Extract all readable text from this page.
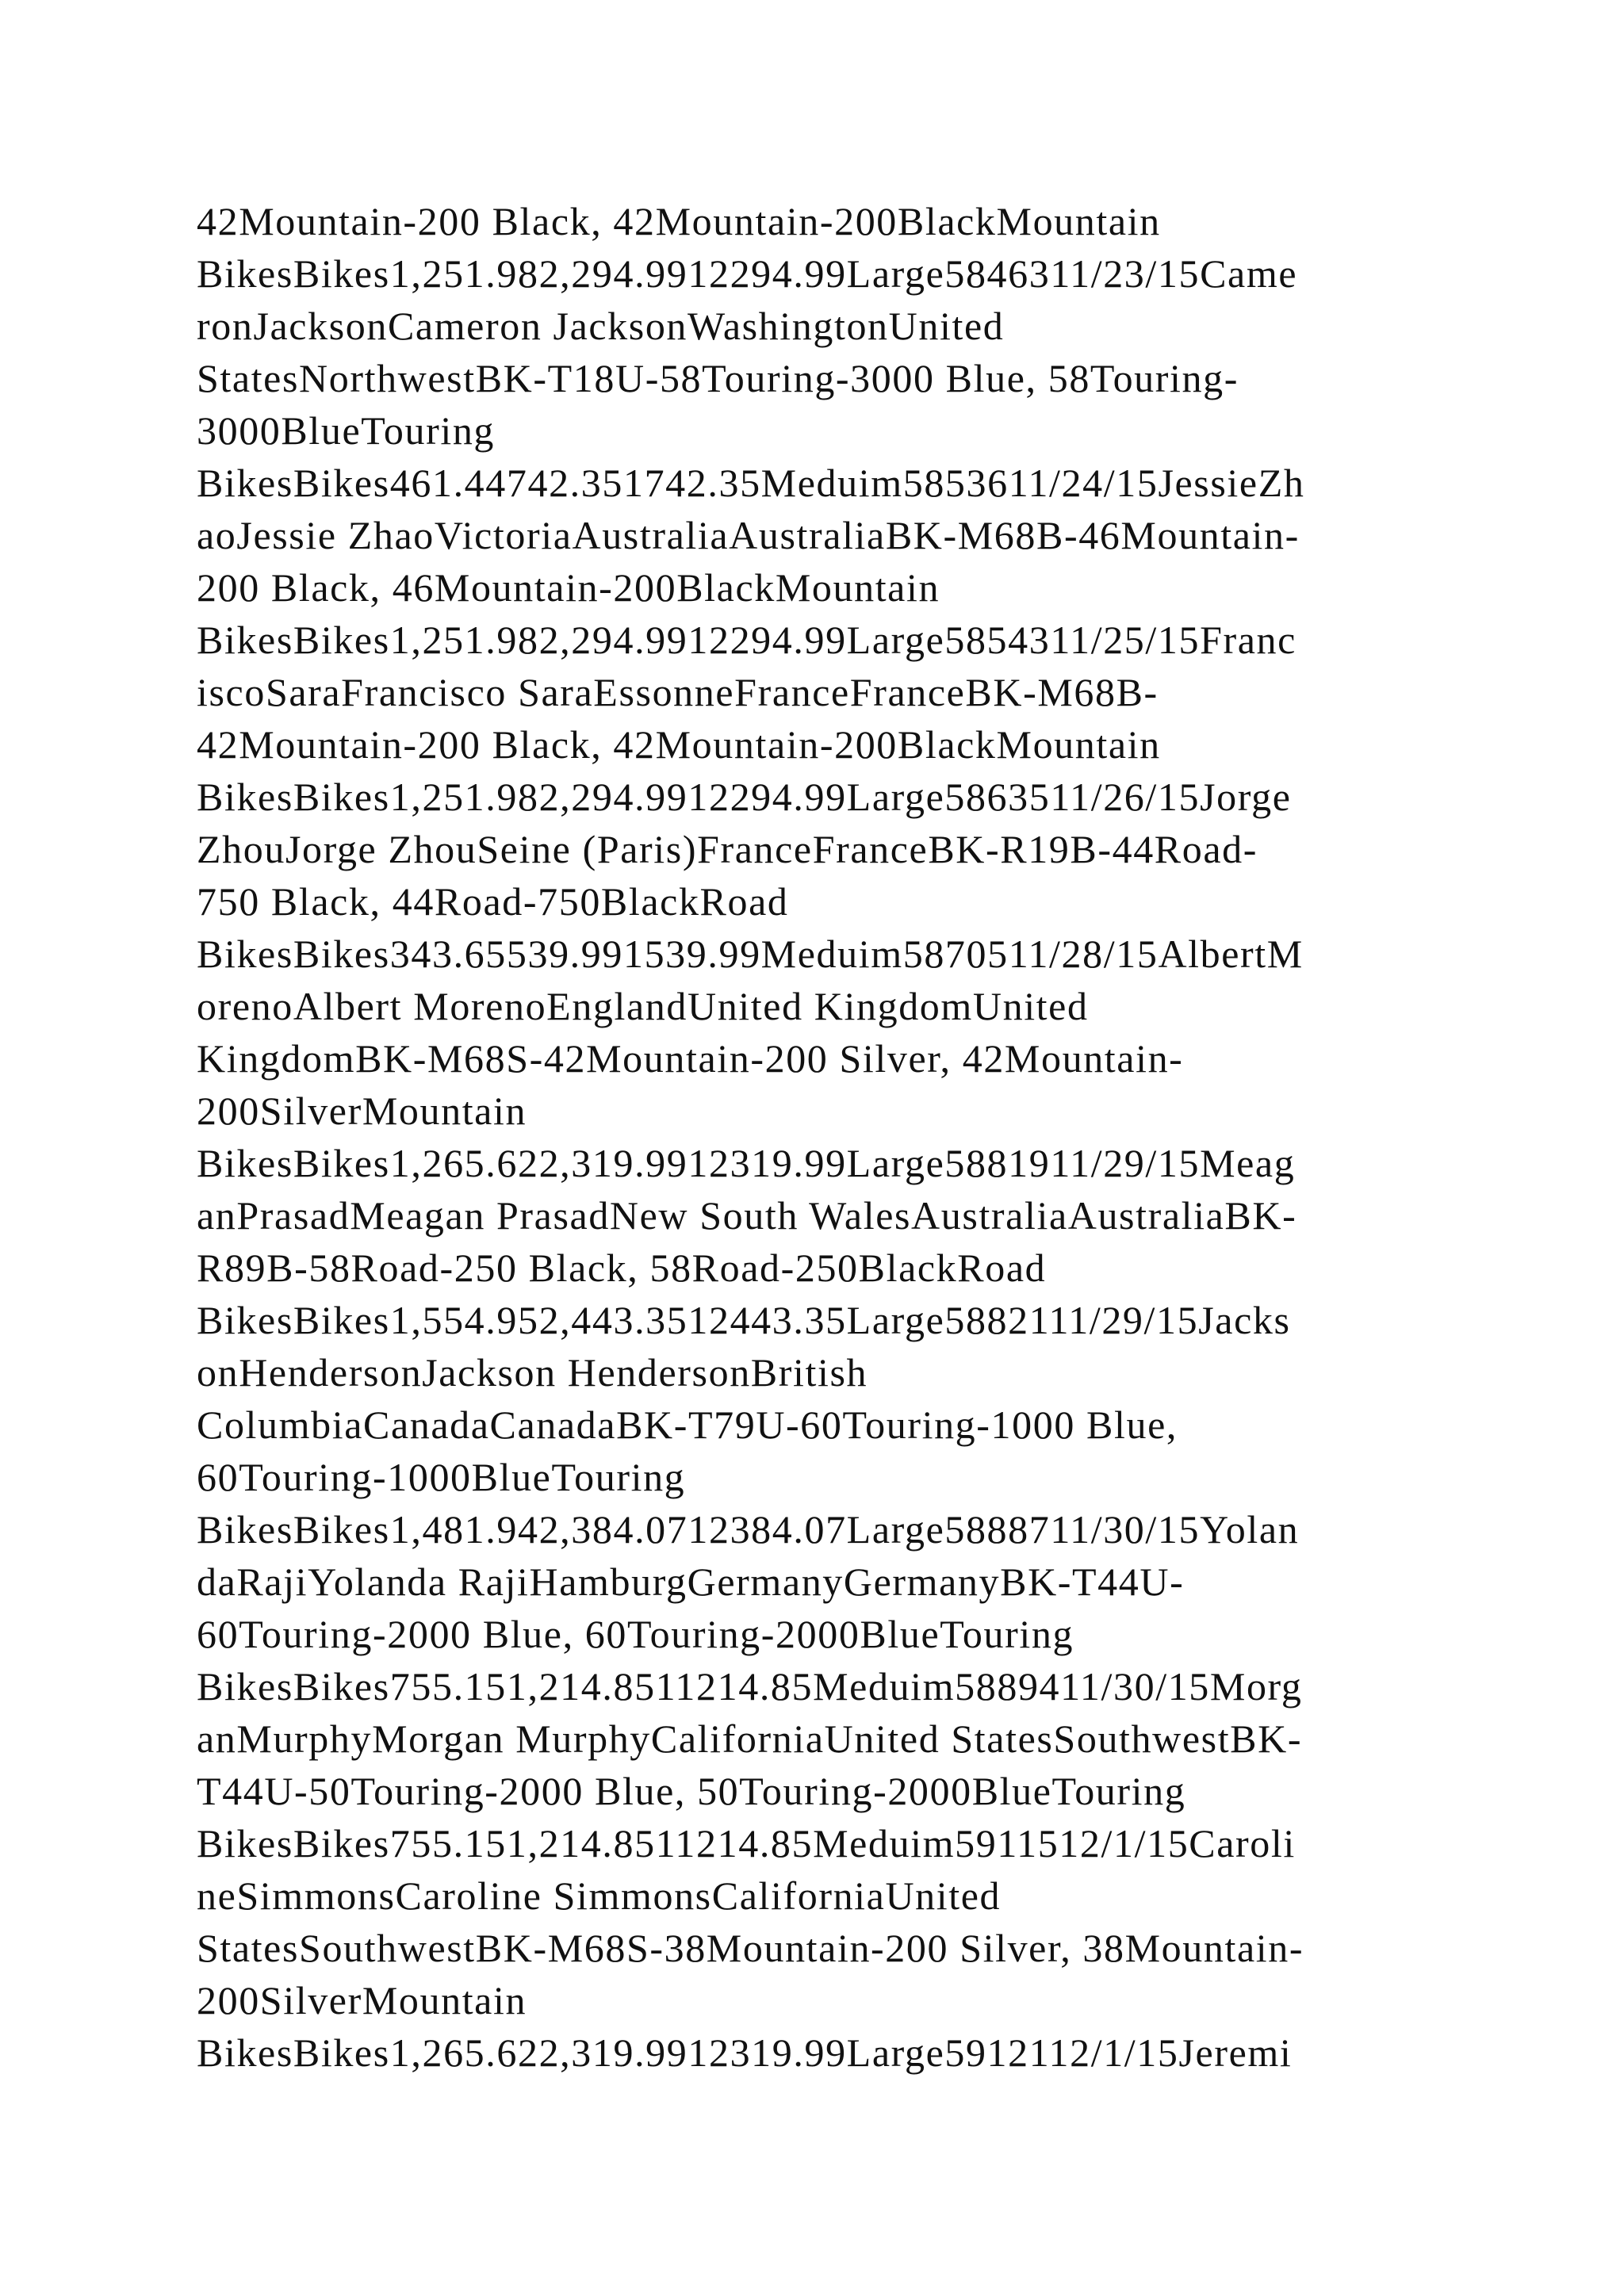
42Mountain-200 Black, 42Mountain-200BlackMountain
BikesBikes1,251.982,294.9912294.99Large5846311/23/15Came
ronJacksonCameron JacksonWashingtonUnited
StatesNorthwestBK-T18U-58Touring-3000 Blue, 58Touring-
3000BlueTouring
BikesBikes461.44742.351742.35Meduim5853611/24/15JessieZh
aoJessie ZhaoVictoriaAustraliaAustraliaBK-M68B-46Mountain-
200 Black, 46Mountain-200BlackMountain
BikesBikes1,251.982,294.9912294.99Large5854311/25/15Franc
iscoSaraFrancisco SaraEssonneFranceFranceBK-M68B-
42Mountain-200 Black, 42Mountain-200BlackMountain
BikesBikes1,251.982,294.9912294.99Large5863511/26/15Jorge
ZhouJorge ZhouSeine (Paris)FranceFranceBK-R19B-44Road-
750 Black, 44Road-750BlackRoad
BikesBikes343.65539.991539.99Meduim5870511/28/15AlbertM
orenoAlbert MorenoEnglandUnited KingdomUnited
KingdomBK-M68S-42Mountain-200 Silver, 42Mountain-
200SilverMountain
BikesBikes1,265.622,319.9912319.99Large5881911/29/15Meag
anPrasadMeagan PrasadNew South WalesAustraliaAustraliaBK-
R89B-58Road-250 Black, 58Road-250BlackRoad
BikesBikes1,554.952,443.3512443.35Large5882111/29/15Jacks
onHendersonJackson HendersonBritish
ColumbiaCanadaCanadaBK-T79U-60Touring-1000 Blue,
60Touring-1000BlueTouring
BikesBikes1,481.942,384.0712384.07Large5888711/30/15Yolan
daRajiYolanda RajiHamburgGermanyGermanyBK-T44U-
60Touring-2000 Blue, 60Touring-2000BlueTouring
BikesBikes755.151,214.8511214.85Meduim5889411/30/15Morg
anMurphyMorgan MurphyCaliforniaUnited StatesSouthwestBK-
T44U-50Touring-2000 Blue, 50Touring-2000BlueTouring
BikesBikes755.151,214.8511214.85Meduim5911512/1/15Caroli
neSimmonsCaroline SimmonsCaliforniaUnited
StatesSouthwestBK-M68S-38Mountain-200 Silver, 38Mountain-
200SilverMountain
BikesBikes1,265.622,319.9912319.99Large5912112/1/15Jeremi
